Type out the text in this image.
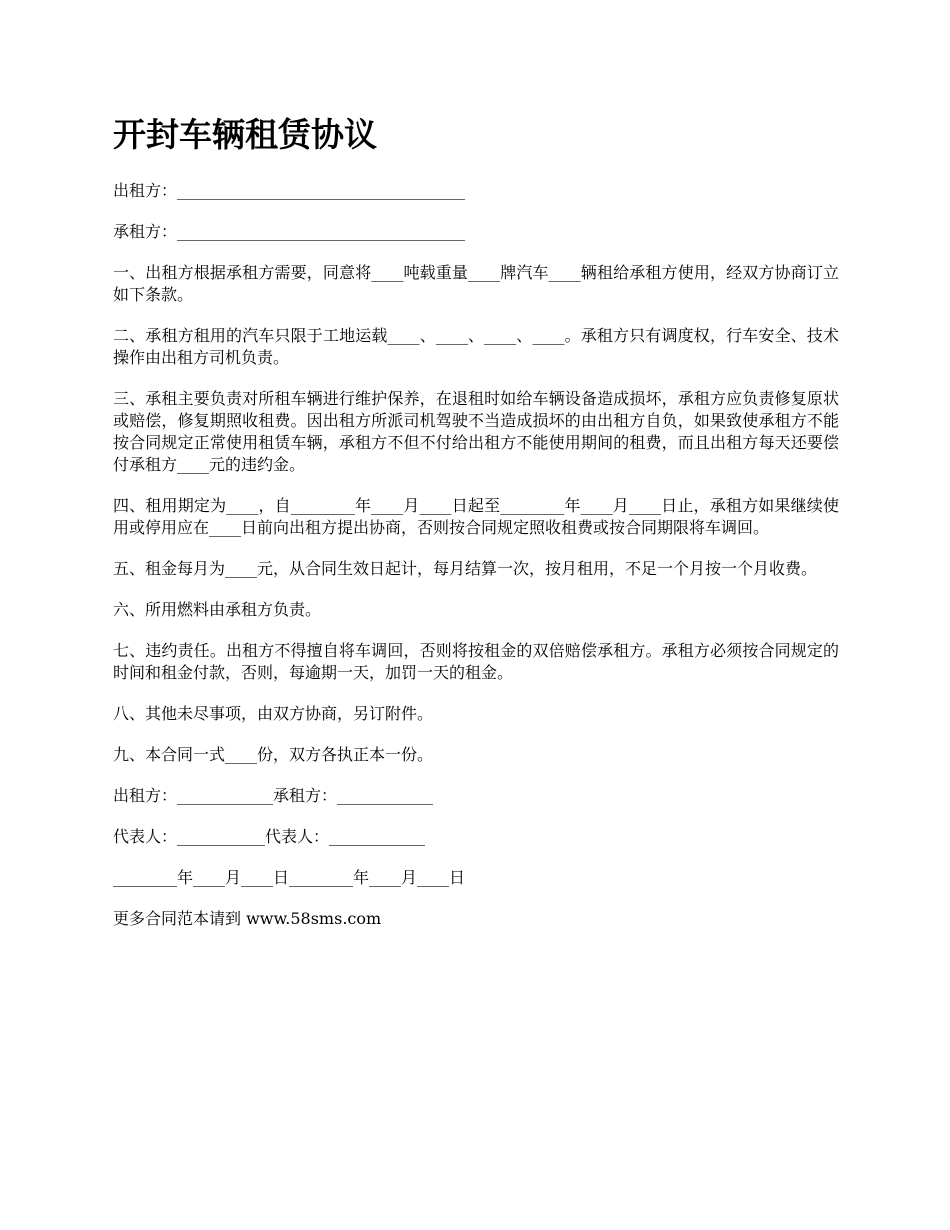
开封车辆租赁协议

出租方：____________________________________

承租方：____________________________________

一、出租方根据承租方需要，同意将____吨载重量____牌汽车____辆租给承租方使用，经双方协商订立如下条款。

二、承租方租用的汽车只限于工地运载____、____、____、____。承租方只有调度权，行车安全、技术操作由出租方司机负责。

三、承租主要负责对所租车辆进行维护保养，在退租时如给车辆设备造成损坏，承租方应负责修复原状或赔偿，修复期照收租费。因出租方所派司机驾驶不当造成损坏的由出租方自负，如果致使承租方不能按合同规定正常使用租赁车辆，承租方不但不付给出租方不能使用期间的租费，而且出租方每天还要偿付承租方____元的违约金。

四、租用期定为____，自________年____月____日起至________年____月____日止，承租方如果继续使用或停用应在____日前向出租方提出协商，否则按合同规定照收租费或按合同期限将车调回。

五、租金每月为____元，从合同生效日起计，每月结算一次，按月租用，不足一个月按一个月收费。

六、所用燃料由承租方负责。

七、违约责任。出租方不得擅自将车调回，否则将按租金的双倍赔偿承租方。承租方必须按合同规定的时间和租金付款，否则，每逾期一天，加罚一天的租金。

八、其他未尽事项，由双方协商，另订附件。

九、本合同一式____份，双方各执正本一份。

出租方：____________承租方：____________

代表人：___________代表人：____________

________年____月____日________年____月____日

更多合同范本请到 www.58sms.com
